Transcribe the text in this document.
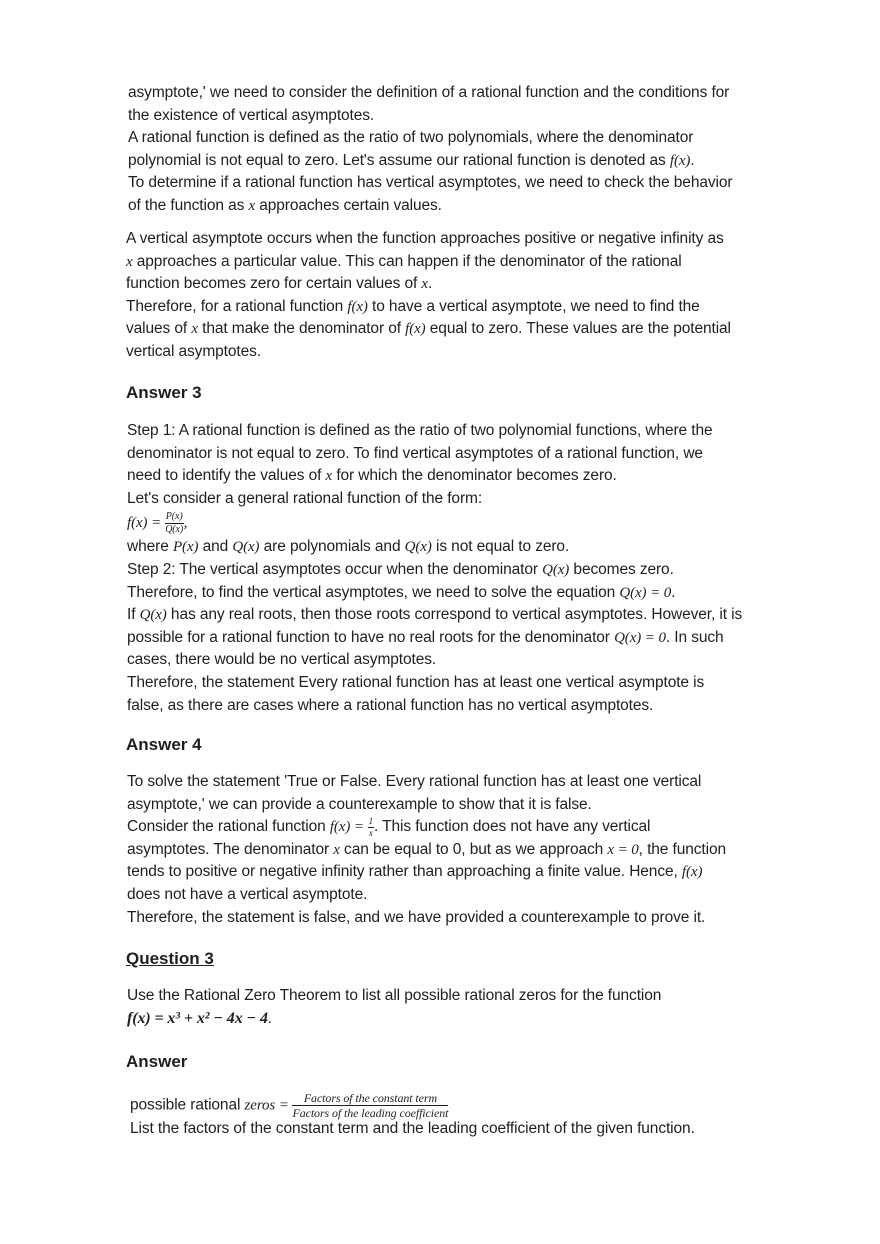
asymptote,' we need to consider the definition of a rational function and the conditions for
the existence of vertical asymptotes.
A rational function is defined as the ratio of two polynomials, where the denominator
polynomial is not equal to zero. Let's assume our rational function is denoted as f(x).
To determine if a rational function has vertical asymptotes, we need to check the behavior
of the function as x approaches certain values.
A vertical asymptote occurs when the function approaches positive or negative infinity as
x approaches a particular value. This can happen if the denominator of the rational
function becomes zero for certain values of x.
Therefore, for a rational function f(x) to have a vertical asymptote, we need to find the
values of x that make the denominator of f(x) equal to zero. These values are the potential
vertical asymptotes.
Answer 3
Step 1: A rational function is defined as the ratio of two polynomial functions, where the
denominator is not equal to zero. To find vertical asymptotes of a rational function, we
need to identify the values of x for which the denominator becomes zero.
Let's consider a general rational function of the form:
$f(x) = \frac{P(x)}{Q(x)}$ ,
where P(x) and Q(x) are polynomials and Q(x) is not equal to zero.
Step 2: The vertical asymptotes occur when the denominator Q(x) becomes zero.
Therefore, to find the vertical asymptotes, we need to solve the equation Q(x) = 0.
If Q(x) has any real roots, then those roots correspond to vertical asymptotes. However, it is
possible for a rational function to have no real roots for the denominator Q(x) = 0. In such
cases, there would be no vertical asymptotes.
Therefore, the statement Every rational function has at least one vertical asymptote is
false, as there are cases where a rational function has no vertical asymptotes.
Answer 4
To solve the statement 'True or False. Every rational function has at least one vertical
asymptote,' we can provide a counterexample to show that it is false.
Consider the rational function $f(x) = \frac{1}{x}$ . This function does not have any vertical
asymptotes. The denominator x can be equal to 0, but as we approach x = 0, the function
tends to positive or negative infinity rather than approaching a finite value. Hence, f(x)
does not have a vertical asymptote.
Therefore, the statement is false, and we have provided a counterexample to prove it.
Question 3
Use the Rational Zero Theorem to list all possible rational zeros for the function
f(x) = x³ + x² − 4x − 4.
Answer
possible rational zeros = $\frac{\text{Factors of the constant term}}{\text{Factors of the leading coefficient}}$
List the factors of the constant term and the leading coefficient of the given function.
